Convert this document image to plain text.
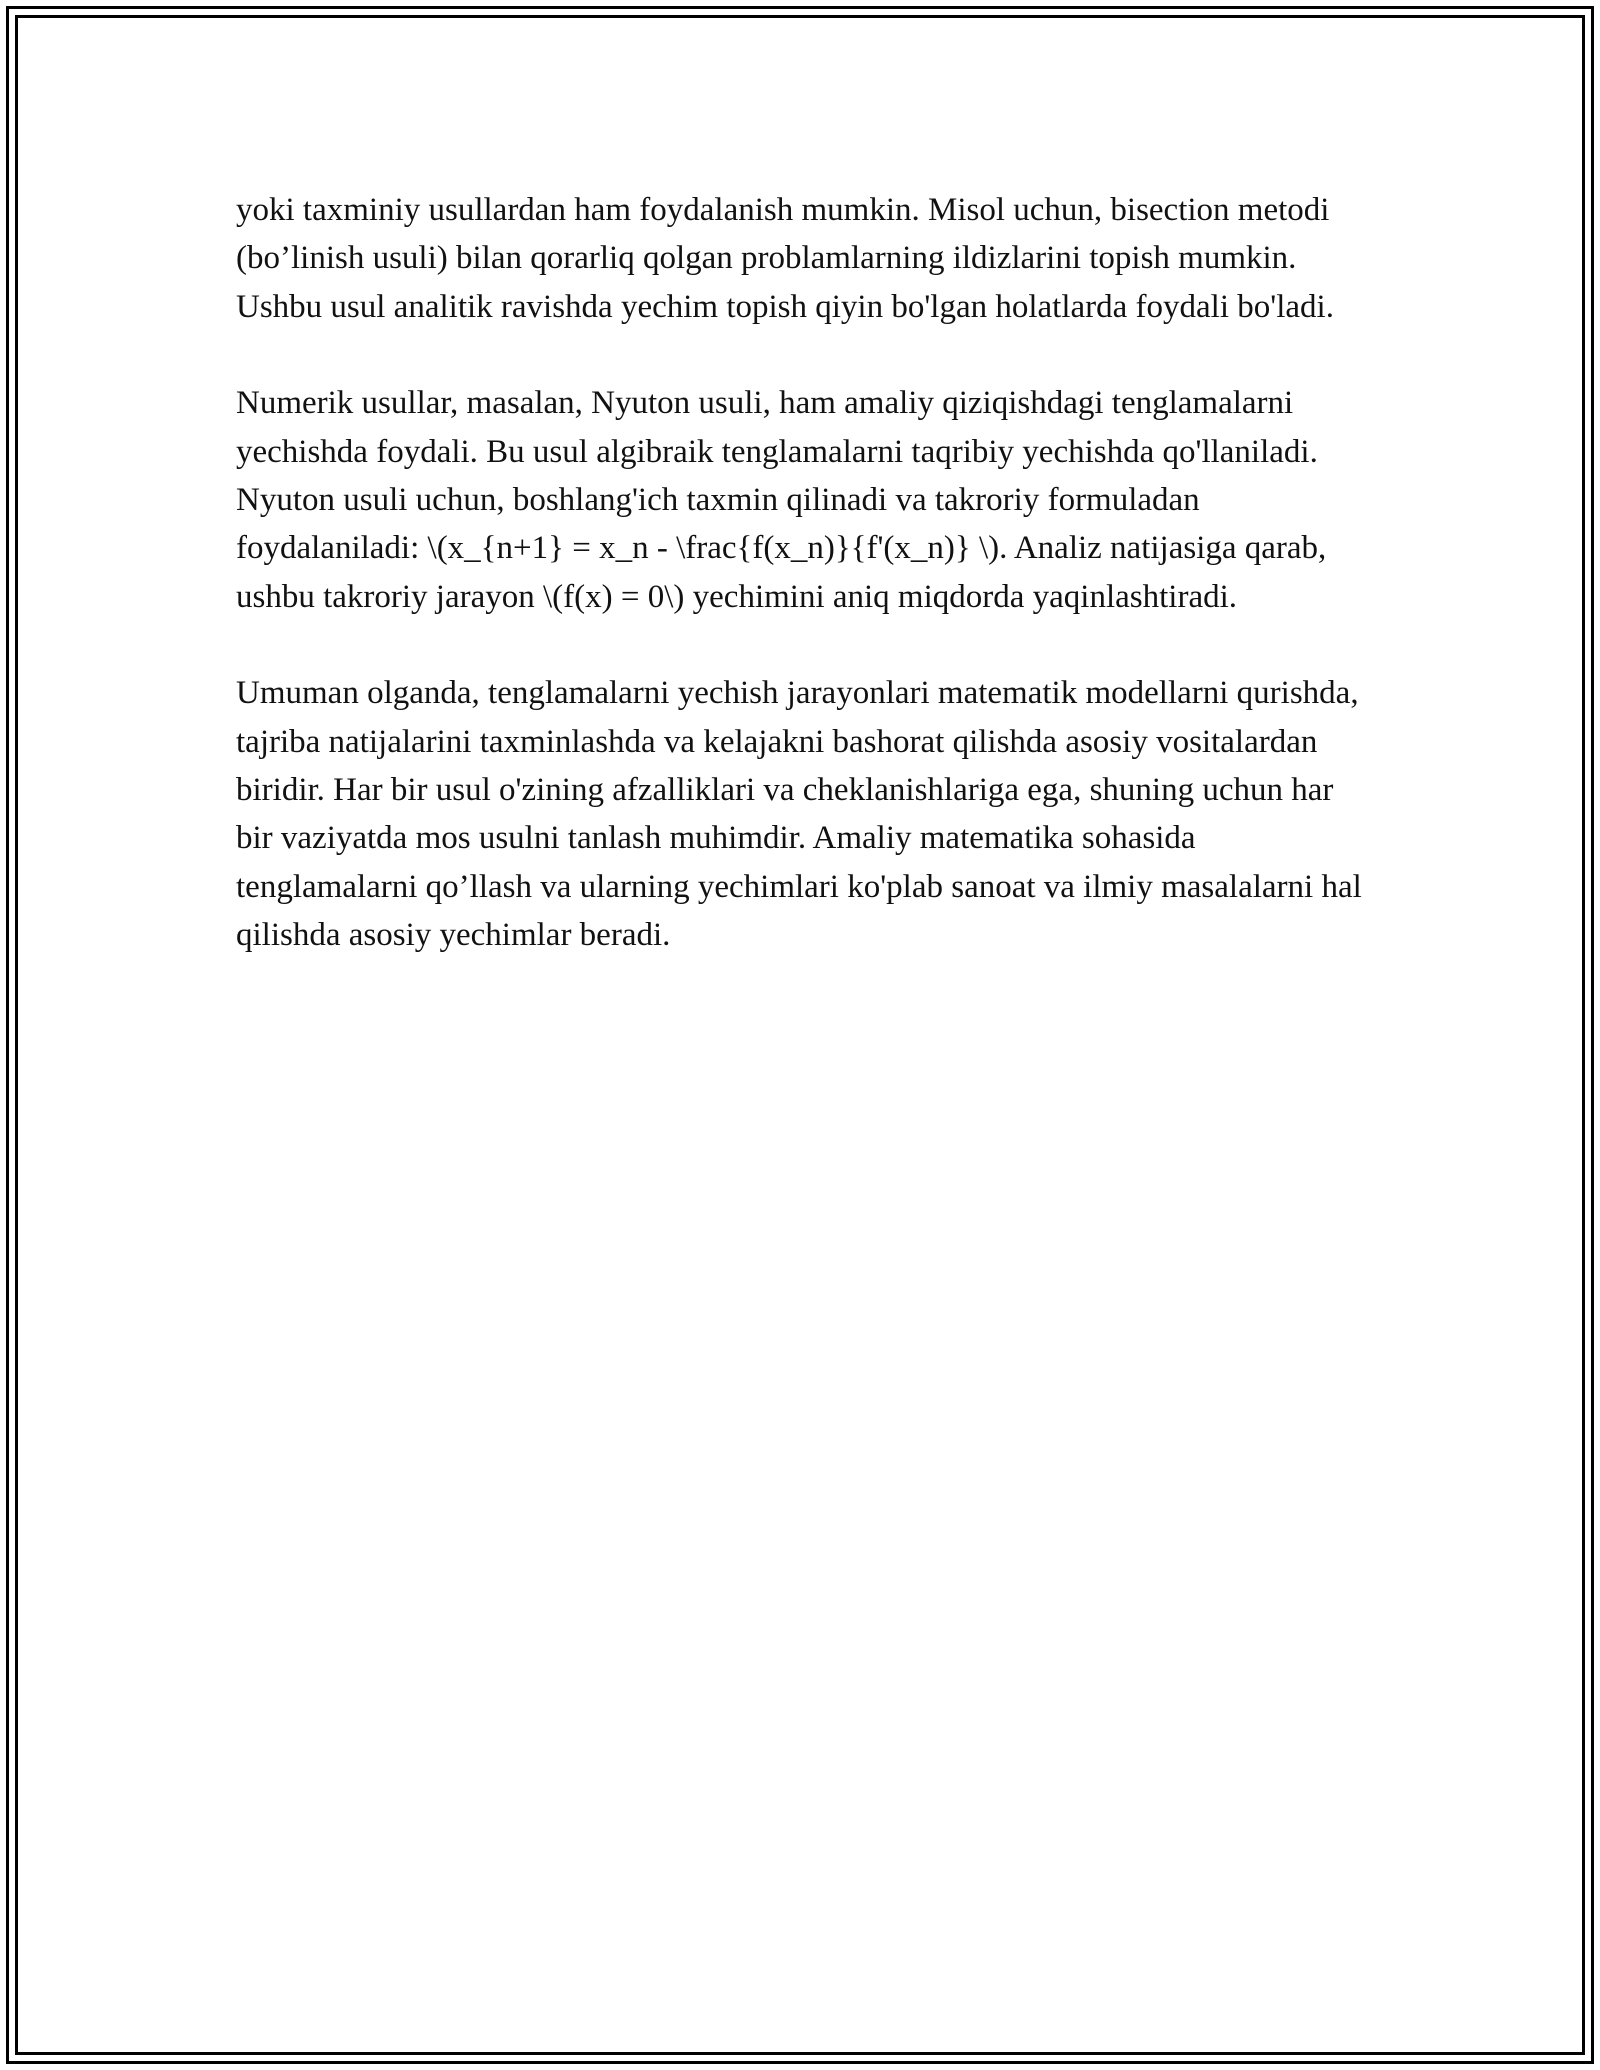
yoki taxminiy usullardan ham foydalanish mumkin. Misol uchun, bisection metodi (bo’linish usuli) bilan qorarliq qolgan problamlarning ildizlarini topish mumkin. Ushbu usul analitik ravishda yechim topish qiyin bo'lgan holatlarda foydali bo'ladi.

Numerik usullar, masalan, Nyuton usuli, ham amaliy qiziqishdagi tenglamalarni yechishda foydali. Bu usul algibraik tenglamalarni taqribiy yechishda qo'llaniladi. Nyuton usuli uchun, boshlang'ich taxmin qilinadi va takroriy formuladan foydalaniladi: \(x_{n+1} = x_n - \frac{f(x_n)}{f'(x_n)} \). Analiz natijasiga qarab, ushbu takroriy jarayon \(f(x) = 0\) yechimini aniq miqdorda yaqinlashtiradi.

Umuman olganda, tenglamalarni yechish jarayonlari matematik modellarni qurishda, tajriba natijalarini taxminlashda va kelajakni bashorat qilishda asosiy vositalardan biridir. Har bir usul o'zining afzalliklari va cheklanishlariga ega, shuning uchun har bir vaziyatda mos usulni tanlash muhimdir. Amaliy matematika sohasida tenglamalarni qo’llash va ularning yechimlari ko'plab sanoat va ilmiy masalalarni hal qilishda asosiy yechimlar beradi.
